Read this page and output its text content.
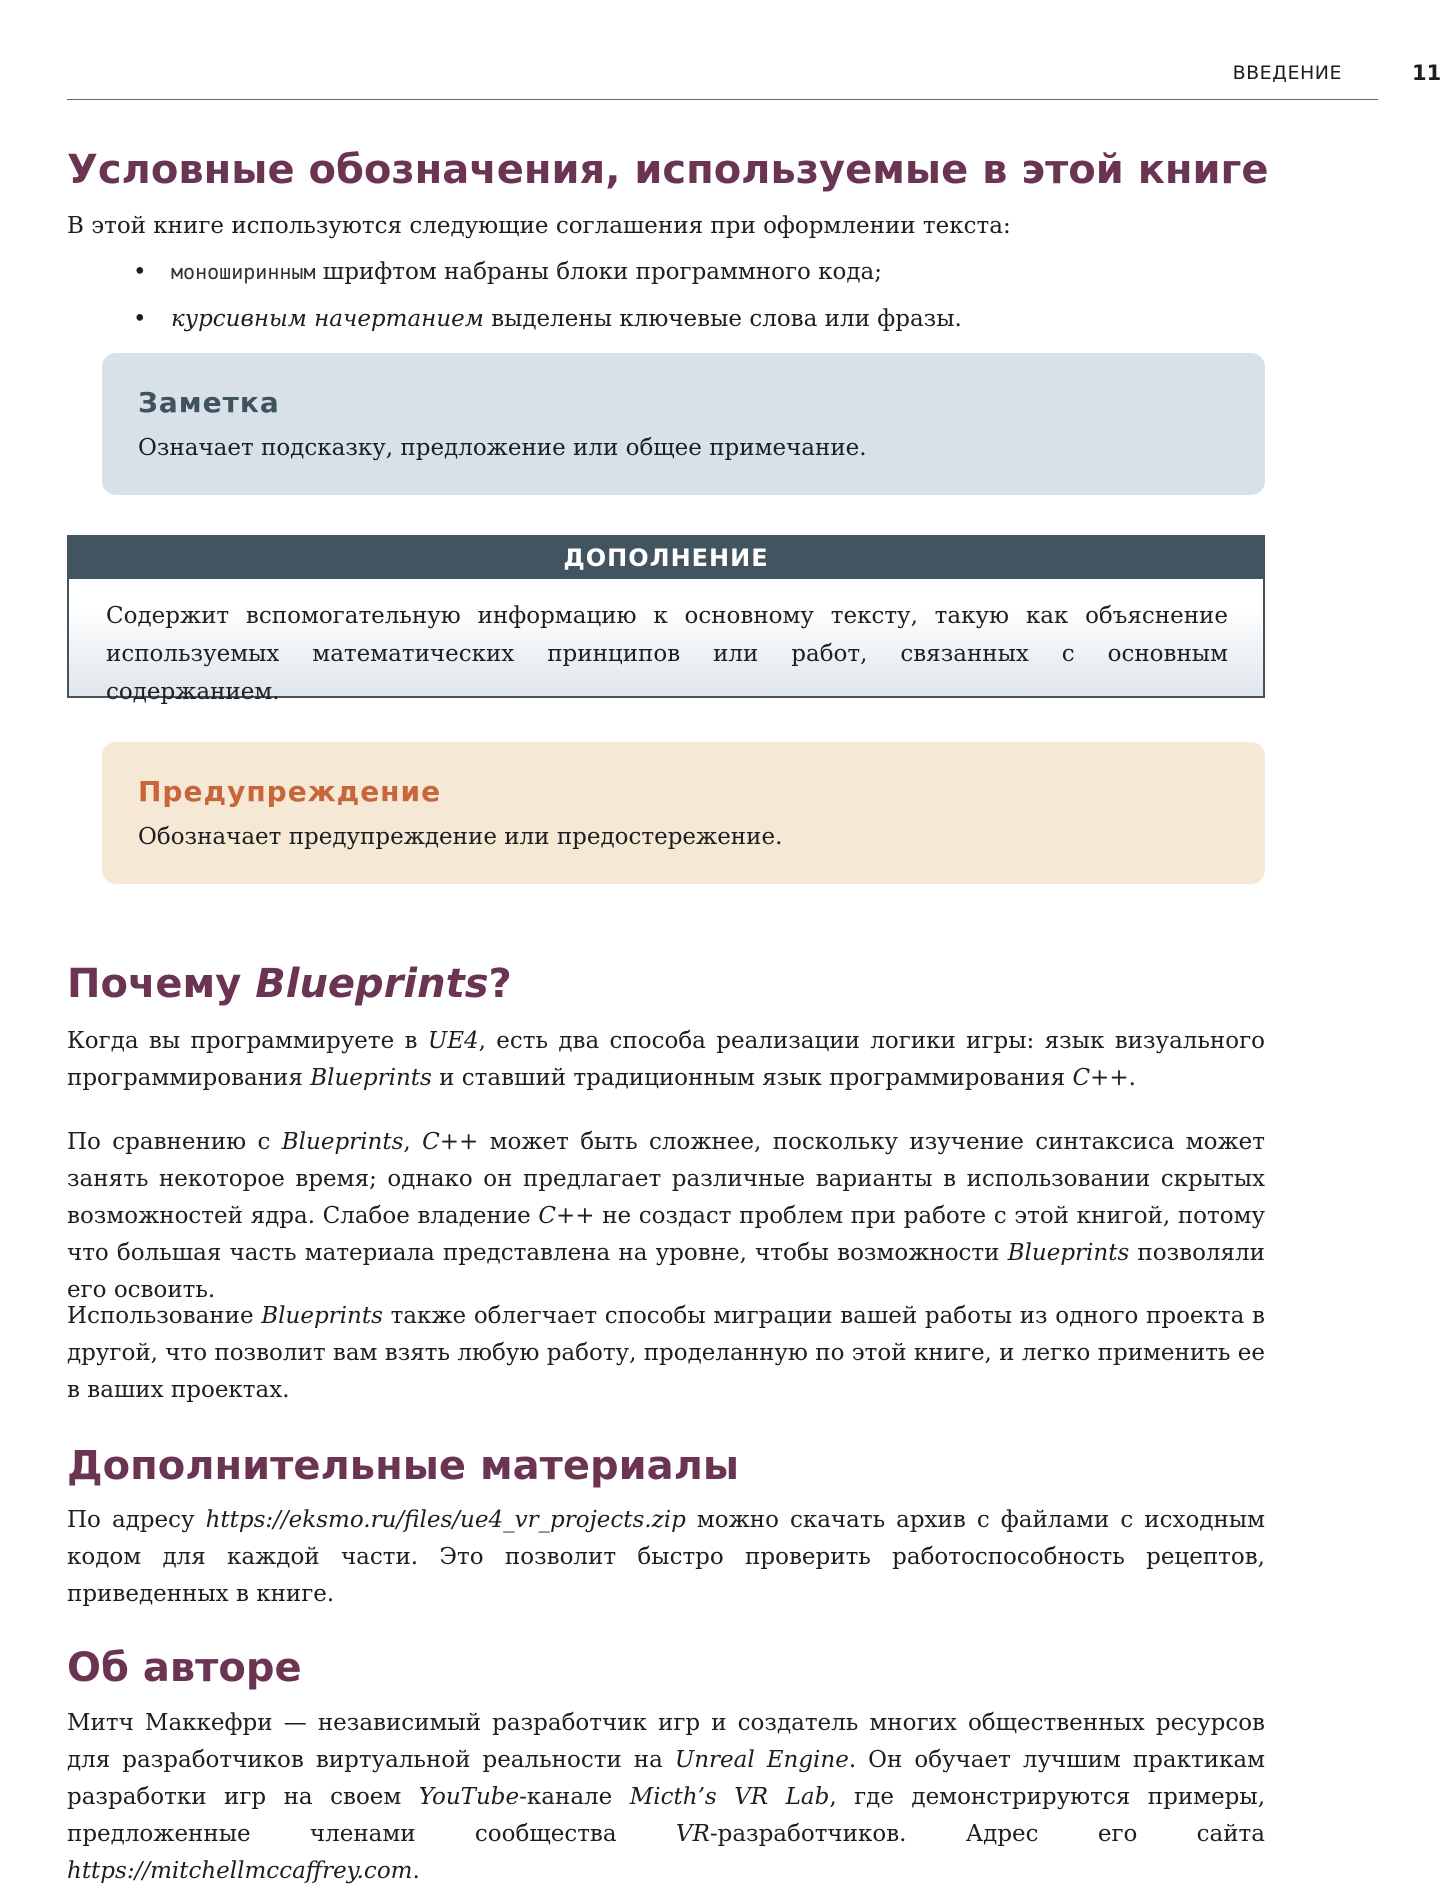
ВВЕДЕНИЕ	11
Условные обозначения, используемые в этой книге
В этой книге используются следующие соглашения при оформлении текста:
• моноширинным шрифтом набраны блоки программного кода;
• курсивным начертанием выделены ключевые слова или фразы.
Заметка
Означает подсказку, предложение или общее примечание.
ДОПОЛНЕНИЕ
Содержит вспомогательную информацию к основному тексту, такую как объяснение используемых математических принципов или работ, связанных с основным содержанием.
Предупреждение
Обозначает предупреждение или предостережение.
Почему Blueprints?
Когда вы программируете в UE4, есть два способа реализации логики игры: язык визуального программирования Blueprints и ставший традиционным язык программирования C++.
По сравнению с Blueprints, C++ может быть сложнее, поскольку изучение синтаксиса может занять некоторое время; однако он предлагает различные варианты в использовании скрытых возможностей ядра. Слабое владение C++ не создаст проблем при работе с этой книгой, потому что большая часть материала представлена на уровне, чтобы возможности Blueprints позволяли его освоить.
Использование Blueprints также облегчает способы миграции вашей работы из одного проекта в другой, что позволит вам взять любую работу, проделанную по этой книге, и легко применить ее в ваших проектах.
Дополнительные материалы
По адресу https://eksmo.ru/files/ue4_vr_projects.zip можно скачать архив с файлами с исходным кодом для каждой части. Это позволит быстро проверить работоспособность рецептов, приведенных в книге.
Об авторе
Митч Маккефри — независимый разработчик игр и создатель многих общественных ресурсов для разработчиков виртуальной реальности на Unreal Engine. Он обучает лучшим практикам разработки игр на своем YouTube-канале Micth’s VR Lab, где демонстрируются примеры, предложенные членами сообщества VR-разработчиков. Адрес его сайта https://mitchellmccaffrey.com.
